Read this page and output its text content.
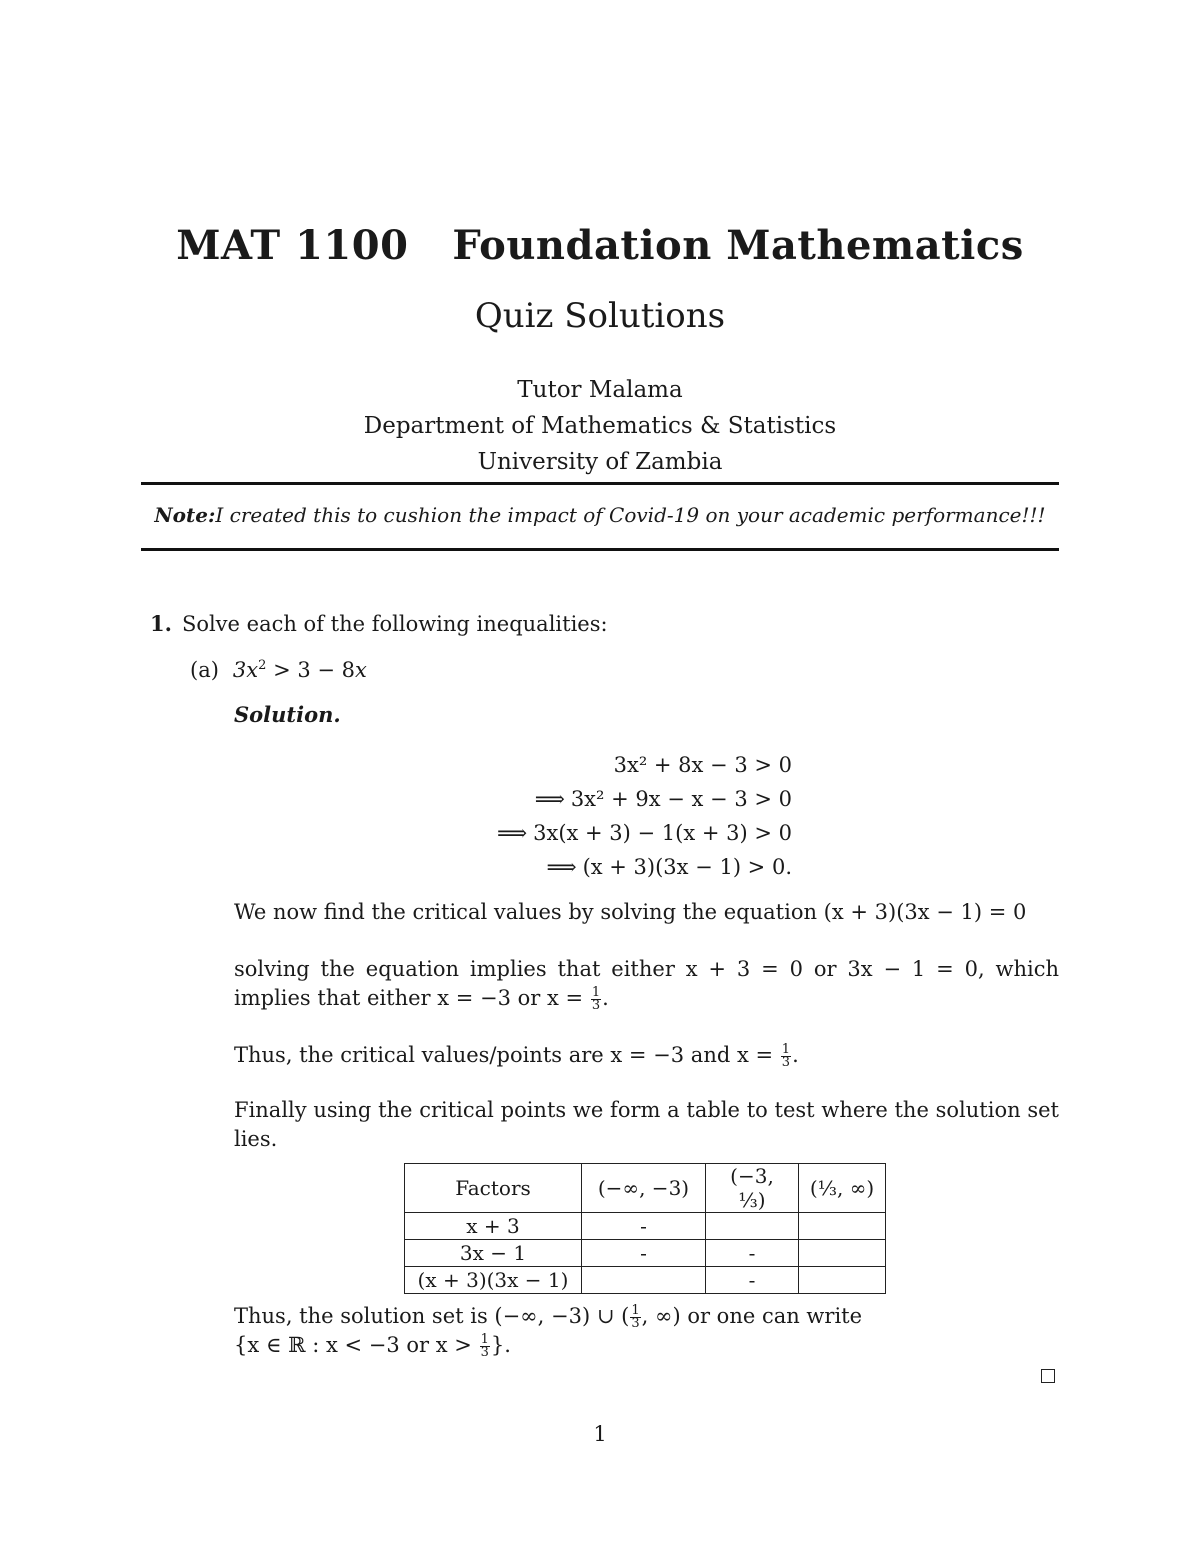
MAT 1100 Foundation Mathematics
Quiz Solutions
Tutor Malama
Department of Mathematics & Statistics
University of Zambia
Note:I created this to cushion the impact of Covid-19 on your academic performance!!!
1. Solve each of the following inequalities:
(a) $3x^2 > 3 - 8x$
Solution.
3x² + 8x − 3 > 0
⟹ 3x² + 9x − x − 3 > 0
⟹ 3x(x + 3) − 1(x + 3) > 0
⟹ (x + 3)(3x − 1) > 0.
We now find the critical values by solving the equation (x + 3)(3x − 1) = 0
solving the equation implies that either x + 3 = 0 or 3x − 1 = 0, which implies that either x = −3 or $x = \frac{1}{3}$ .
Thus, the critical values/points are x = −3 and $x = \frac{1}{3}$ .
Finally using the critical points we form a table to test where the solution set lies.
Factors	(−∞, −3)	(−3, ⅓)	(⅓, ∞)
x + 3	-		
3x − 1	-	-	
(x + 3)(3x − 1)		-	
Thus, the solution set is (−∞, −3) ∪ ( $\frac{1}{3}$ , ∞) or one can write
{x ∈ ℝ : x < −3 or $x > \frac{1}{3}$ }.
1
